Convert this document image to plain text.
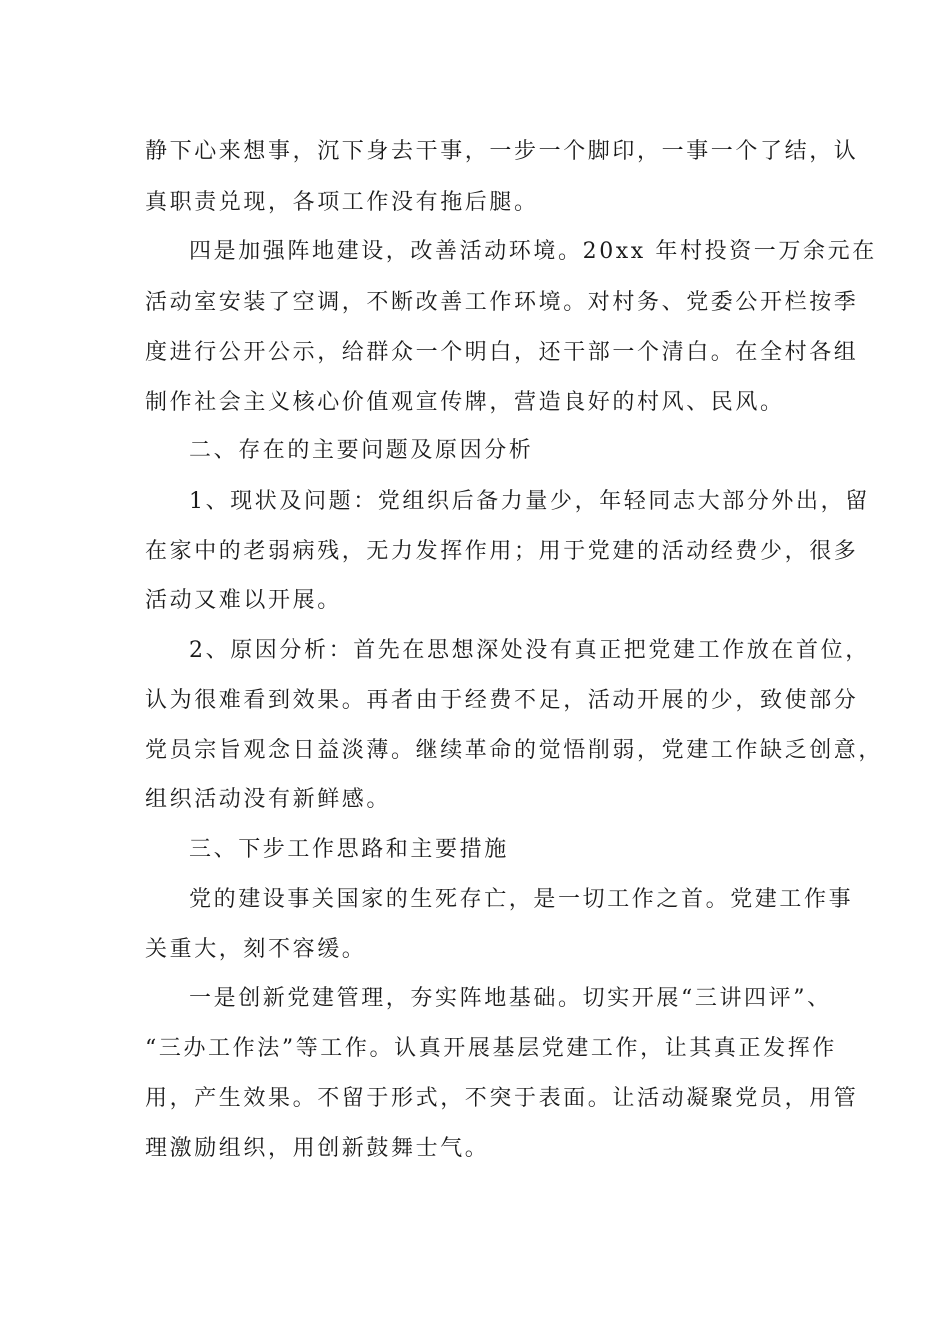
静下心来想事，沉下身去干事，一步一个脚印，一事一个了结，认
真职责兑现，各项工作没有拖后腿。
四是加强阵地建设，改善活动环境。20xx 年村投资一万余元在
活动室安装了空调，不断改善工作环境。对村务、党委公开栏按季
度进行公开公示，给群众一个明白，还干部一个清白。在全村各组
制作社会主义核心价值观宣传牌，营造良好的村风、民风。
二、存在的主要问题及原因分析
1、现状及问题：党组织后备力量少，年轻同志大部分外出，留
在家中的老弱病残，无力发挥作用；用于党建的活动经费少，很多
活动又难以开展。
2、原因分析：首先在思想深处没有真正把党建工作放在首位，
认为很难看到效果。再者由于经费不足，活动开展的少，致使部分
党员宗旨观念日益淡薄。继续革命的觉悟削弱，党建工作缺乏创意，
组织活动没有新鲜感。
三、下步工作思路和主要措施
党的建设事关国家的生死存亡，是一切工作之首。党建工作事
关重大，刻不容缓。
一是创新党建管理，夯实阵地基础。切实开展“三讲四评”、
“三办工作法”等工作。认真开展基层党建工作，让其真正发挥作
用，产生效果。不留于形式，不突于表面。让活动凝聚党员，用管
理激励组织，用创新鼓舞士气。
